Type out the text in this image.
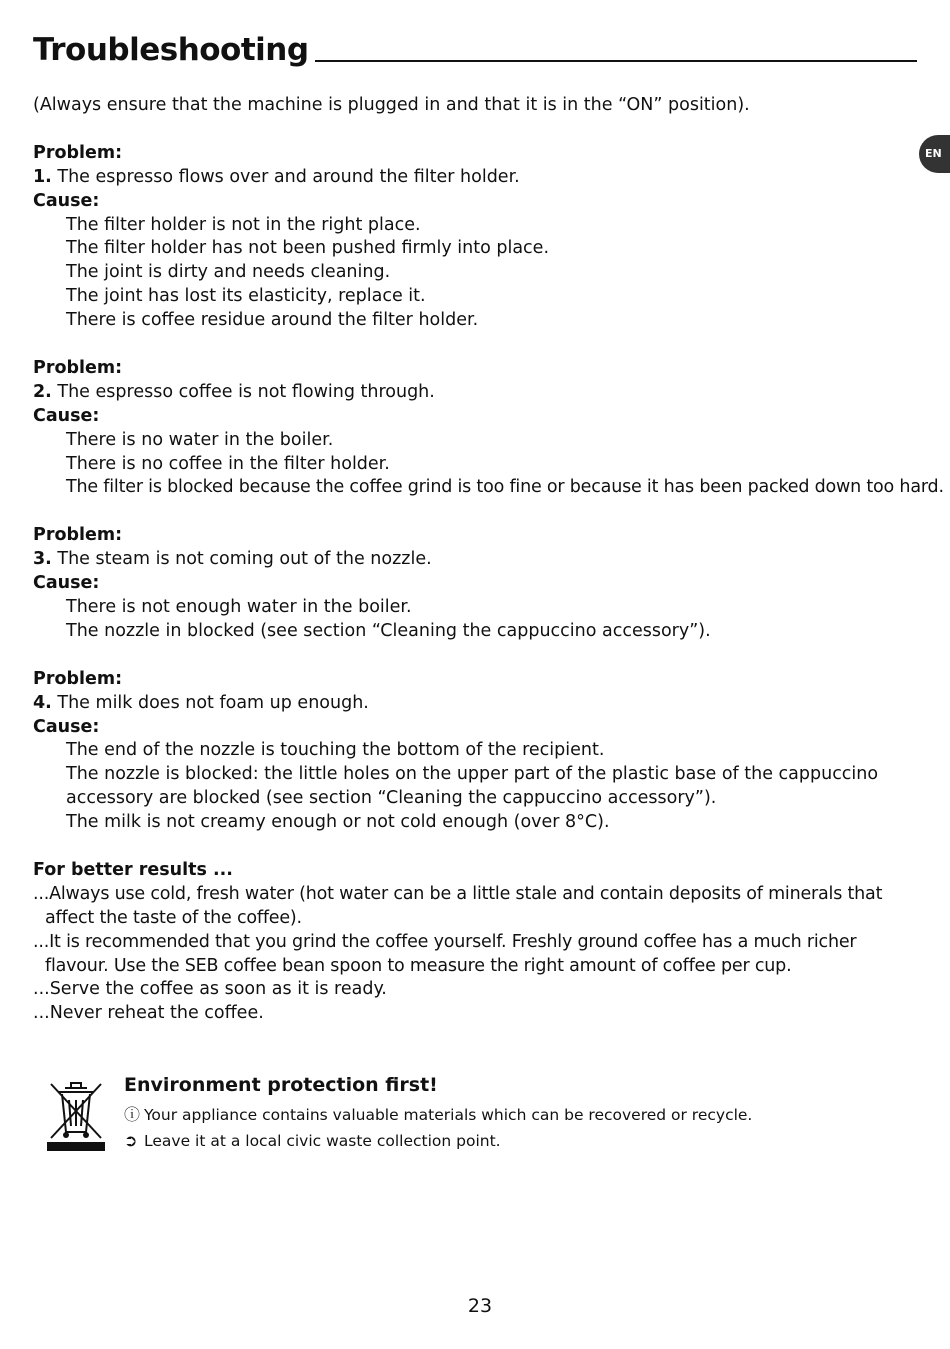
Troubleshooting
EN

(Always ensure that the machine is plugged in and that it is in the “ON” position).

Problem:

1. The espresso flows over and around the filter holder.

Cause:

The filter holder is not in the right place.

The filter holder has not been pushed firmly into place.

The joint is dirty and needs cleaning.

The joint has lost its elasticity, replace it.

There is coffee residue around the filter holder.

Problem:

2. The espresso coffee is not flowing through.

Cause:

There is no water in the boiler.

There is no coffee in the filter holder.

The filter is blocked because the coffee grind is too fine or because it has been packed down too hard.

Problem:

3. The steam is not coming out of the nozzle.

Cause:

There is not enough water in the boiler.

The nozzle in blocked (see section “Cleaning the cappuccino accessory”).

Problem:

4. The milk does not foam up enough.

Cause:

The end of the nozzle is touching the bottom of the recipient.

The nozzle is blocked: the little holes on the upper part of the plastic base of the cappuccino

accessory are blocked (see section “Cleaning the cappuccino accessory”).

The milk is not creamy enough or not cold enough (over 8°C).

For better results ...

...Always use cold, fresh water (hot water can be a little stale and contain deposits of minerals that affect the taste of the coffee).

...It is recommended that you grind the coffee yourself. Freshly ground coffee has a much richer flavour. Use the SEB coffee bean spoon to measure the right amount of coffee per cup.

...Serve the coffee as soon as it is ready.

...Never reheat the coffee.

Environment protection first!
ⓘ Your appliance contains valuable materials which can be recovered or recycle.
➲ Leave it at a local civic waste collection point.
23
